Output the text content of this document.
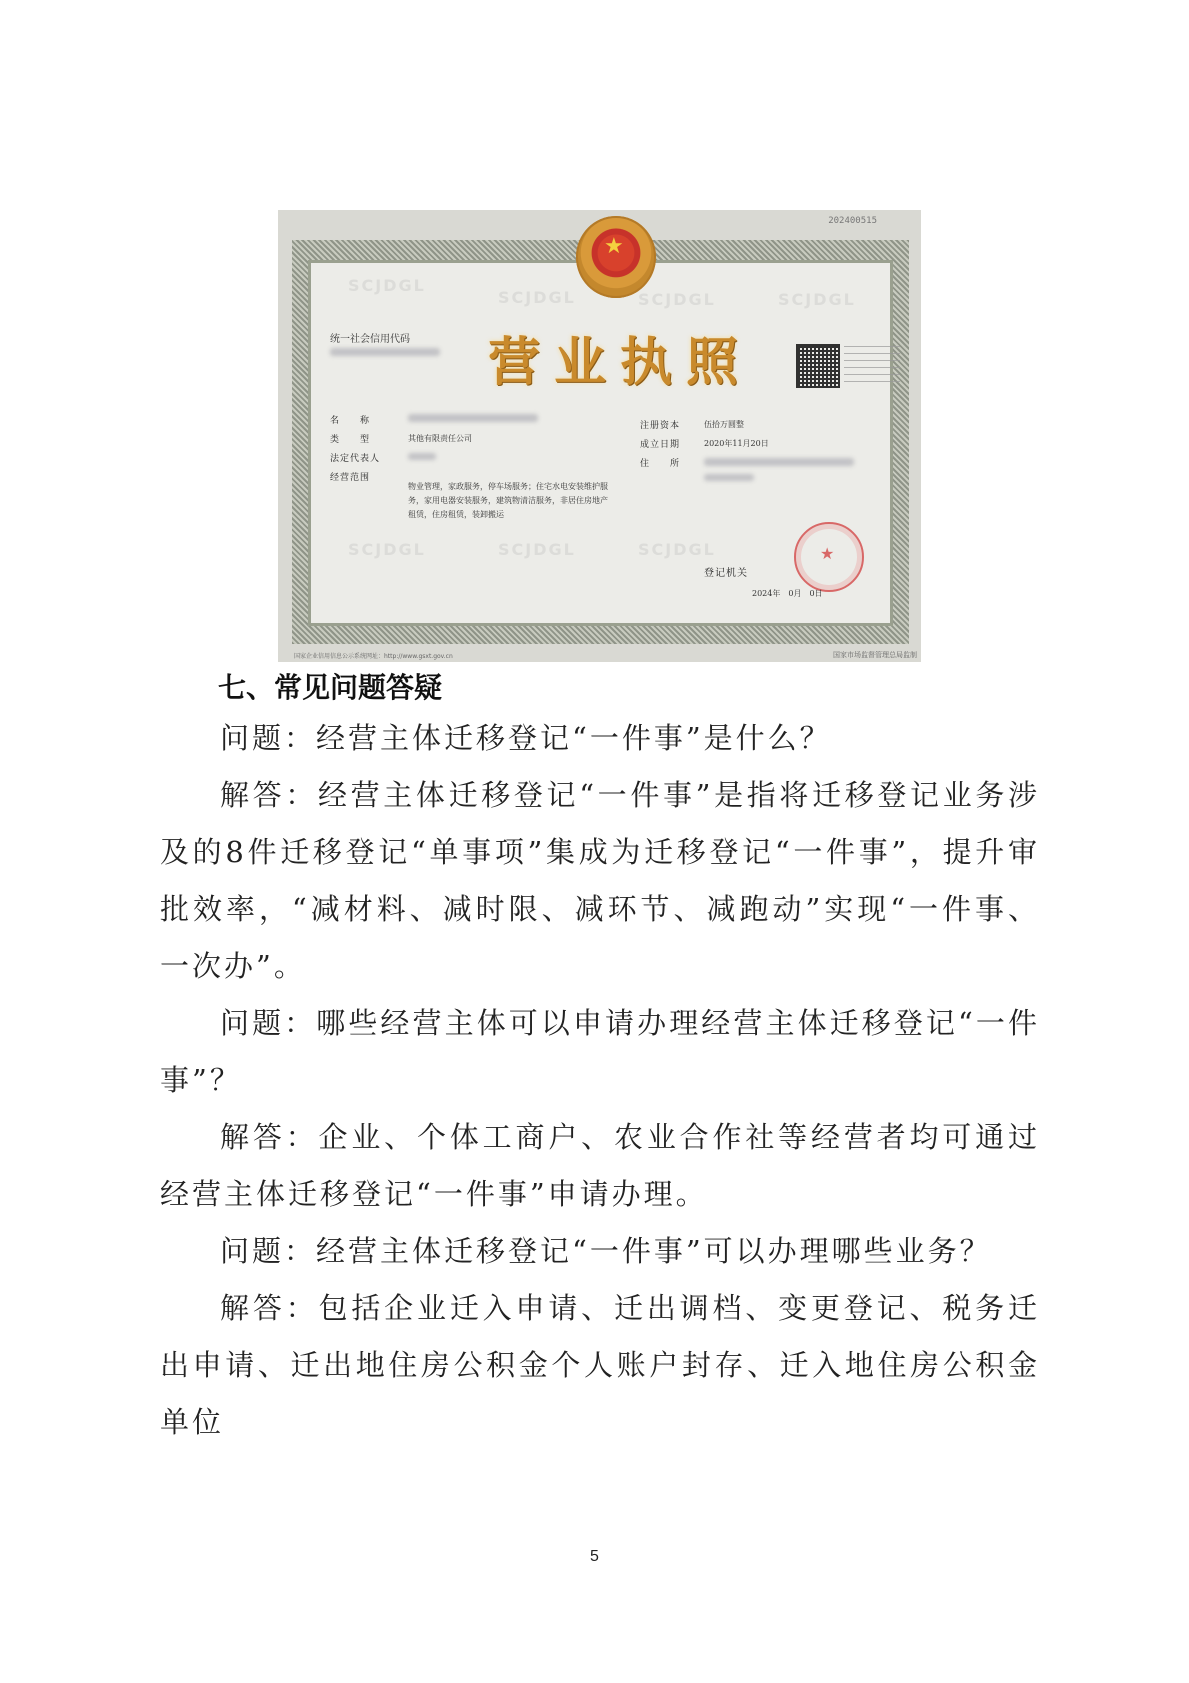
SCJDGL
SCJDGL	SCJDGL	SCJDGL
SCJDGL	SCJDGL	SCJDGL
202400515
★
统一社会信用代码 营业执照
名　　称
类　　型	其他有限责任公司
法定代表人
经营范围
物业管理，家政服务，停车场服务；住宅水电安装维护服务，家用电器安装服务，建筑物清洁服务，非居住房地产租赁，住房租赁，装卸搬运
注册资本	伍拾万圆整
成立日期	2020年11月20日
住　　所
★
登记机关
2024年　0月　0日
国家企业信用信息公示系统网址：http://www.gsxt.gov.cn	国家市场监督管理总局监制
七、常见问题答疑

问题：经营主体迁移登记“一件事”是什么？

解答：经营主体迁移登记“一件事”是指将迁移登记业务涉及的8件迁移登记“单事项”集成为迁移登记“一件事”，提升审批效率，“减材料、减时限、减环节、减跑动”实现“一件事、一次办”。

问题：哪些经营主体可以申请办理经营主体迁移登记“一件事”？

解答：企业、个体工商户、农业合作社等经营者均可通过经营主体迁移登记“一件事”申请办理。

问题：经营主体迁移登记“一件事”可以办理哪些业务？

解答：包括企业迁入申请、迁出调档、变更登记、税务迁出申请、迁出地住房公积金个人账户封存、迁入地住房公积金单位

5
